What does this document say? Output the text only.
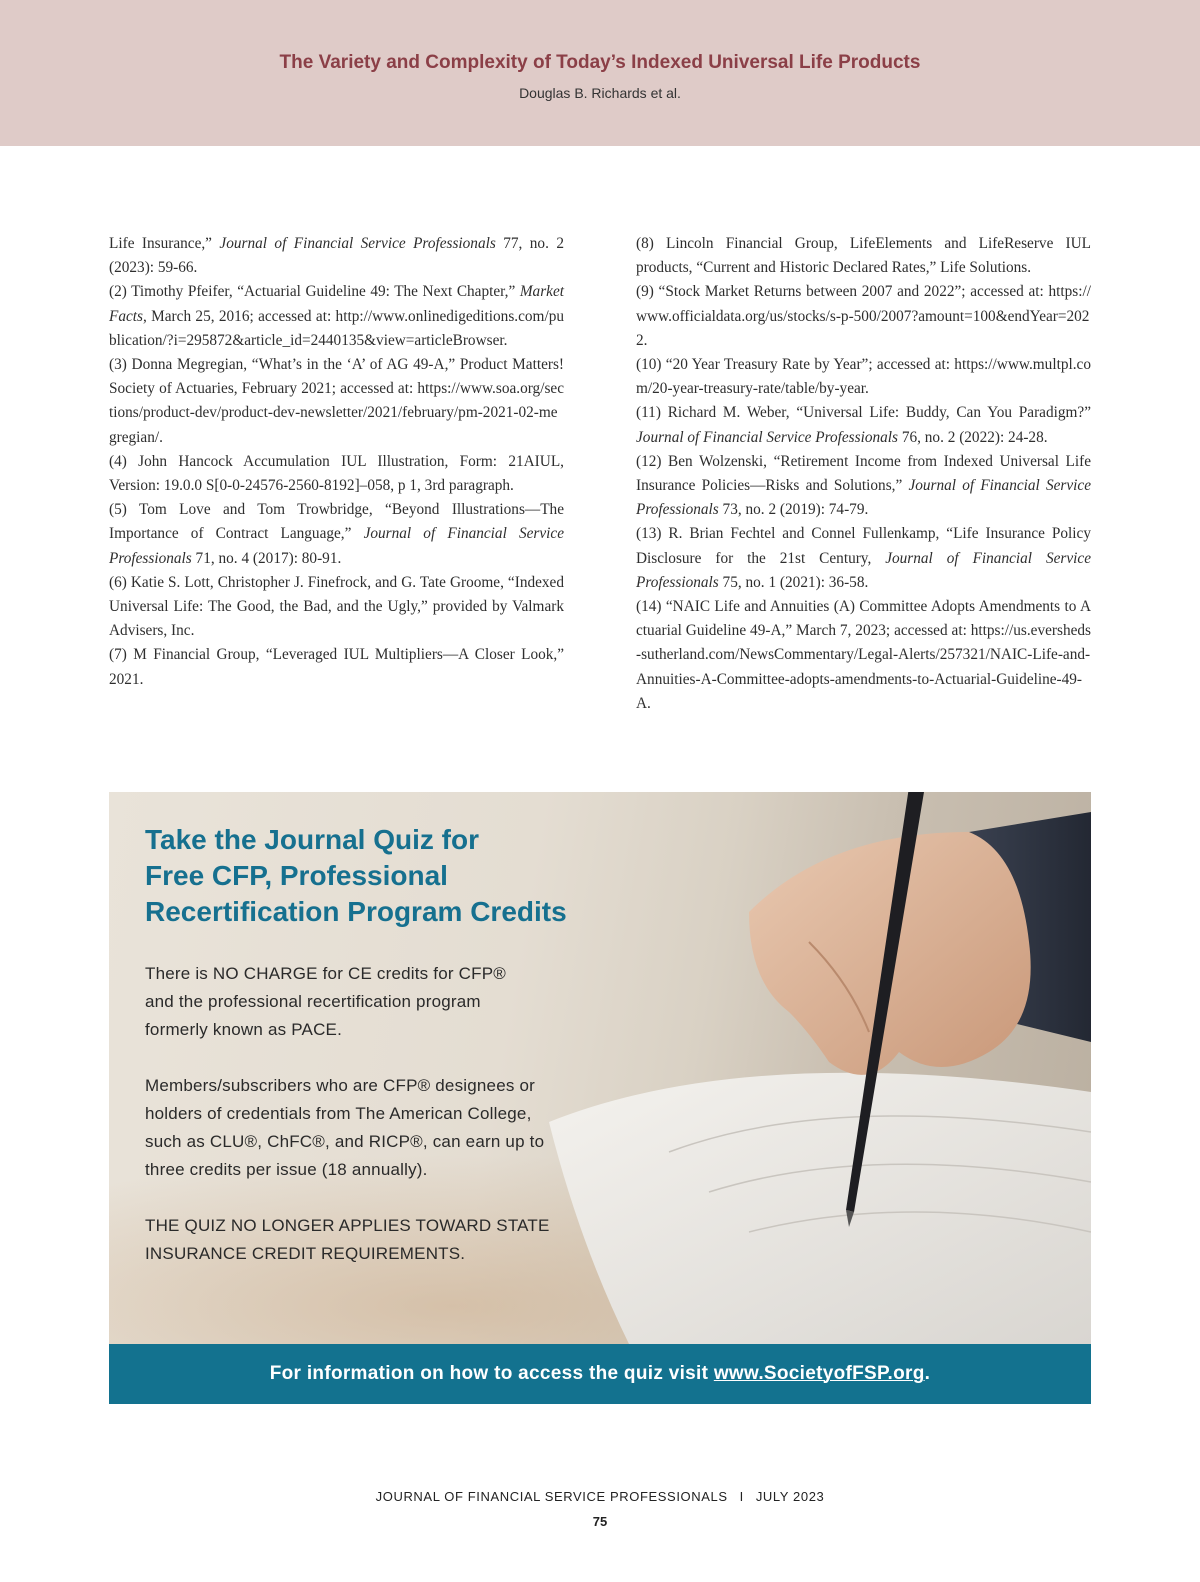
The Variety and Complexity of Today’s Indexed Universal Life Products
Douglas B. Richards et al.

Life Insurance,” Journal of Financial Service Professionals 77, no. 2 (2023): 59-66.

(2) Timothy Pfeifer, “Actuarial Guideline 49: The Next Chapter,” MarketFacts, March 25, 2016; accessed at: http://www.onlinedigeditions.com/publication/?i=295872&article_id=2440135&view=articleBrowser.

(3) Donna Megregian, “What’s in the ‘A’ of AG 49-A,” Product Matters! Society of Actuaries, February 2021; accessed at: https://www.soa.org/sections/product-dev/product-dev-newsletter/2021/february/pm-2021-02-megregian/.

(4) John Hancock Accumulation IUL Illustration, Form: 21AIUL, Version: 19.0.0 S[0-0-24576-2560-8192]–058, p 1, 3rd paragraph.

(5) Tom Love and Tom Trowbridge, “Beyond Illustrations—The Importance of Contract Language,” Journal of Financial Service Professionals 71, no. 4 (2017): 80-91.

(6) Katie S. Lott, Christopher J. Finefrock, and G. Tate Groome, “Indexed Universal Life: The Good, the Bad, and the Ugly,” provided by Valmark Advisers, Inc.

(7) M Financial Group, “Leveraged IUL Multipliers—A Closer Look,” 2021.

(8) Lincoln Financial Group, LifeElements and LifeReserve IUL products, “Current and Historic Declared Rates,” Life Solutions.

(9) “Stock Market Returns between 2007 and 2022”; accessed at: https://www.officialdata.org/us/stocks/s-p-500/2007?amount=100&endYear=2022.

(10) “20 Year Treasury Rate by Year”; accessed at: https://www.multpl.com/20-year-treasury-rate/table/by-year.

(11) Richard M. Weber, “Universal Life: Buddy, Can You Paradigm?” Journal of Financial Service Professionals 76, no. 2 (2022): 24-28.

(12) Ben Wolzenski, “Retirement Income from Indexed Universal Life Insurance Policies—Risks and Solutions,” Journal of Financial Service Professionals 73, no. 2 (2019): 74-79.

(13) R. Brian Fechtel and Connel Fullenkamp, “Life Insurance Policy Disclosure for the 21st Century, Journal of Financial Service Professionals 75, no. 1 (2021): 36-58.

(14) “NAIC Life and Annuities (A) Committee Adopts Amendments to Actuarial Guideline 49-A,” March 7, 2023; accessed at: https://us.eversheds-sutherland.com/NewsCommentary/Legal-Alerts/257321/NAIC-Life-and-Annuities-A-Committee-adopts-amendments-to-Actuarial-Guideline-49-A.

Take the Journal Quiz for
Free CFP, Professional
Recertification Program Credits
There is NO CHARGE for CE credits for CFP®
and the professional recertification program
formerly known as PACE.
Members/subscribers who are CFP® designees or
holders of credentials from The American College,
such as CLU®, ChFC®, and RICP®, can earn up to
three credits per issue (18 annually).
THE QUIZ NO LONGER APPLIES TOWARD STATE
INSURANCE CREDIT REQUIREMENTS.
For information on how to access the quiz visit www.SocietyofFSP.org.
JOURNAL OF FINANCIAL SERVICE PROFESSIONALS I JULY 2023
75
